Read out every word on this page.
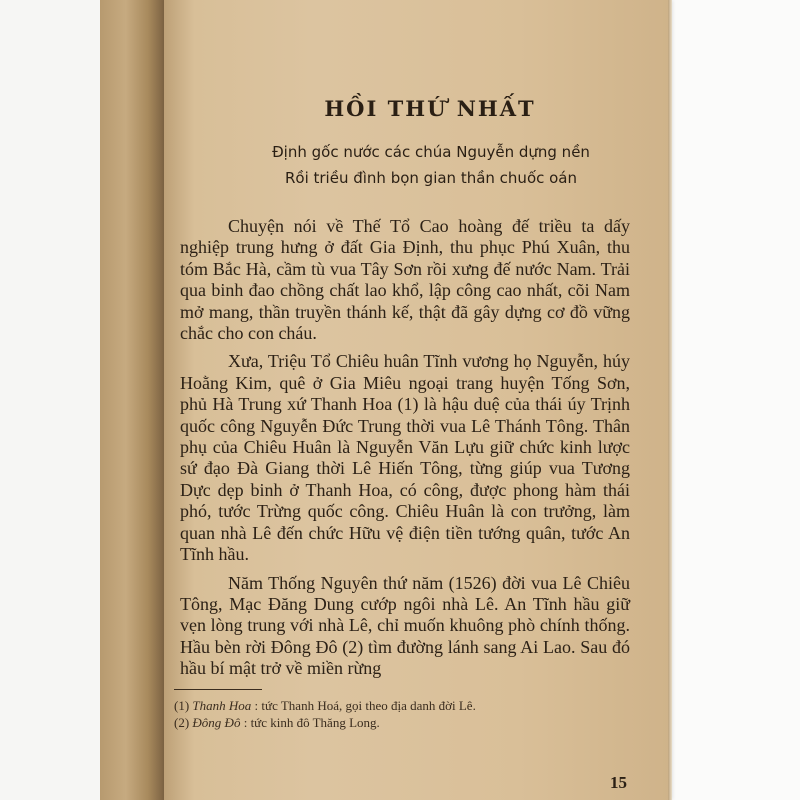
HỒI THỨ NHẤT
Định gốc nước các chúa Nguyễn dựng nền
Rồi triều đình bọn gian thần chuốc oán

Chuyện nói về Thế Tổ Cao hoàng đế triều ta dấy nghiệp trung hưng ở đất Gia Định, thu phục Phú Xuân, thu tóm Bắc Hà, cầm tù vua Tây Sơn rồi xưng đế nước Nam. Trải qua binh đao chồng chất lao khổ, lập công cao nhất, cõi Nam mở mang, thần truyền thánh kế, thật đã gây dựng cơ đồ vững chắc cho con cháu.

Xưa, Triệu Tổ Chiêu huân Tĩnh vương họ Nguyễn, húy Hoằng Kim, quê ở Gia Miêu ngoại trang huyện Tống Sơn, phủ Hà Trung xứ Thanh Hoa (1) là hậu duệ của thái úy Trịnh quốc công Nguyễn Đức Trung thời vua Lê Thánh Tông. Thân phụ của Chiêu Huân là Nguyễn Văn Lựu giữ chức kinh lược sứ đạo Đà Giang thời Lê Hiến Tông, từng giúp vua Tương Dực dẹp binh ở Thanh Hoa, có công, được phong hàm thái phó, tước Trừng quốc công. Chiêu Huân là con trưởng, làm quan nhà Lê đến chức Hữu vệ điện tiền tướng quân, tước An Tĩnh hầu.

Năm Thống Nguyên thứ năm (1526) đời vua Lê Chiêu Tông, Mạc Đăng Dung cướp ngôi nhà Lê. An Tĩnh hầu giữ vẹn lòng trung với nhà Lê, chỉ muốn khuông phò chính thống. Hầu bèn rời Đông Đô (2) tìm đường lánh sang Ai Lao. Sau đó hầu bí mật trở về miền rừng

(1) Thanh Hoa : tức Thanh Hoá, gọi theo địa danh đời Lê.

(2) Đông Đô : tức kinh đô Thăng Long.

15
